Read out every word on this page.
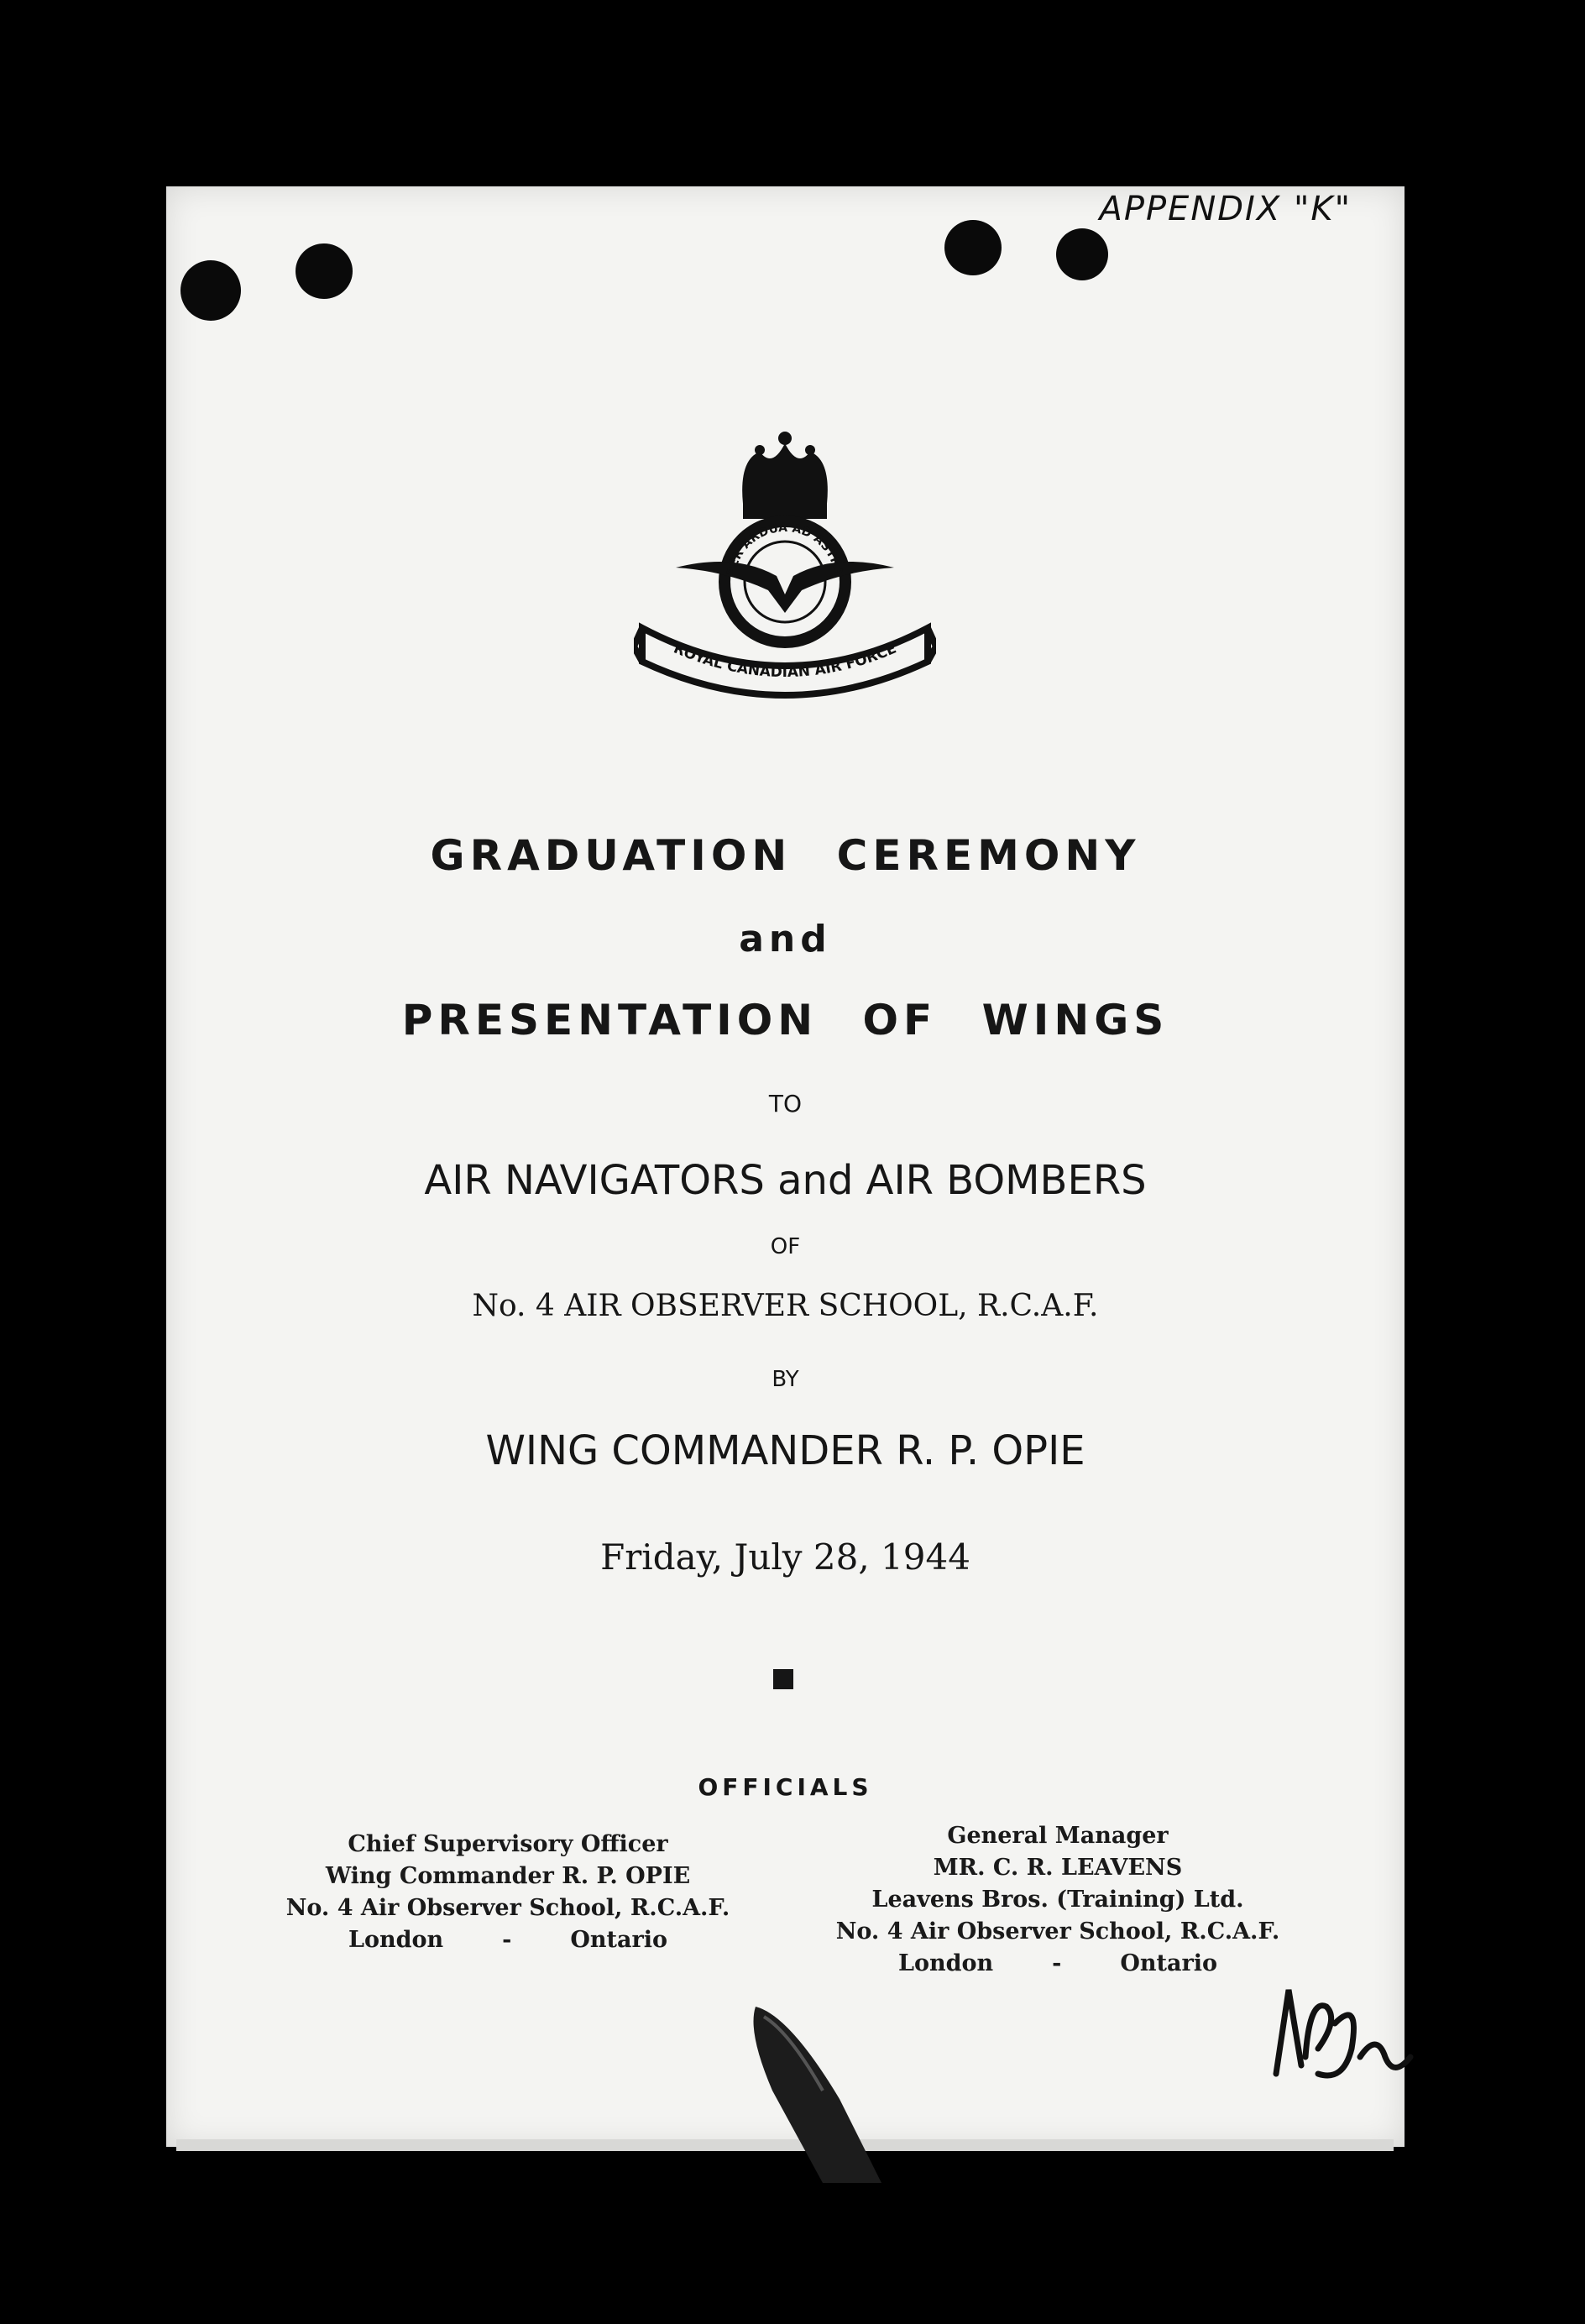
APPENDIX "K"
ROYAL CANADIAN AIR FORCE
PER ARDUA AD ASTRA
GRADUATION CEREMONY
and
PRESENTATION OF WINGS
TO
AIR NAVIGATORS and AIR BOMBERS
OF
No. 4 AIR OBSERVER SCHOOL, R.C.A.F.
BY
WING COMMANDER R. P. OPIE
Friday, July 28, 1944
OFFICIALS
Chief Supervisory Officer
Wing Commander R. P. OPIE
No. 4 Air Observer School, R.C.A.F.
London	-	Ontario
General Manager
MR. C. R. LEAVENS
Leavens Bros. (Training) Ltd.
No. 4 Air Observer School, R.C.A.F.
London	-	Ontario
